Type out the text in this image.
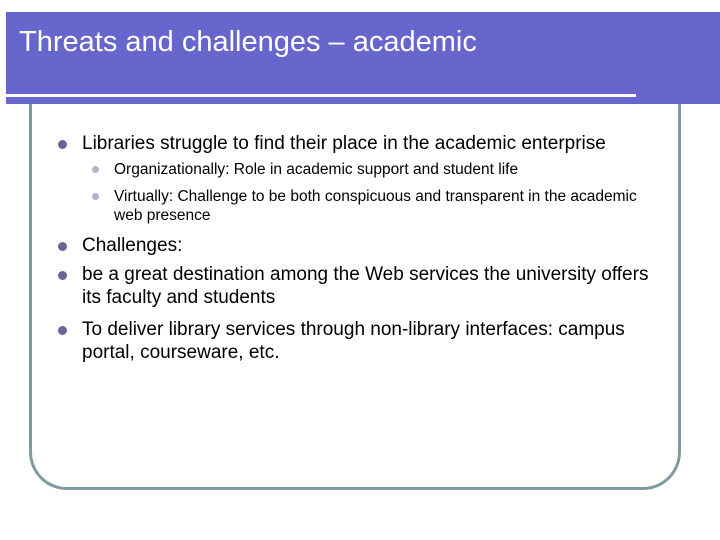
Threats and challenges – academic
Libraries struggle to find their place in the academic enterprise
Organizationally: Role in academic support and student life
Virtually: Challenge to be both conspicuous and transparent in the academic web presence
Challenges:
be a great destination among the Web services the university offers its faculty and students
To deliver library services through non-library interfaces: campus portal, courseware, etc.
